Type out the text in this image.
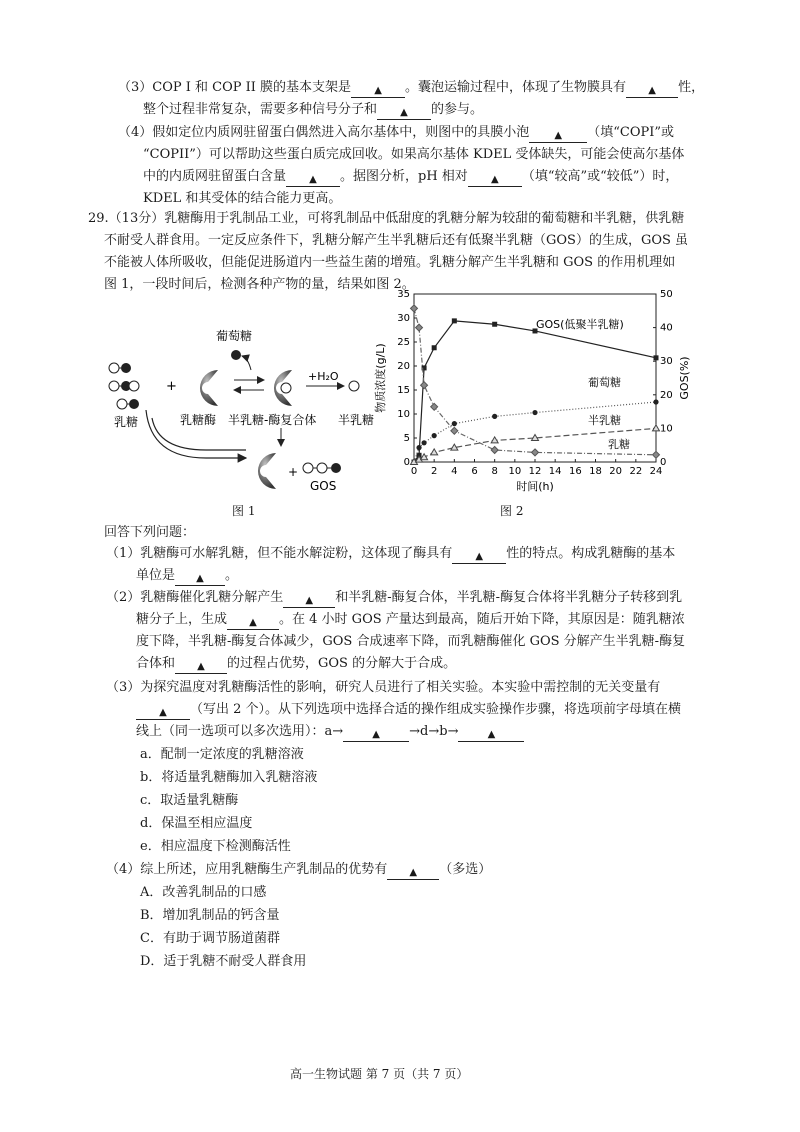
（3）COP I 和 COP II 膜的基本支架是 ▲ 。囊泡运输过程中，体现了生物膜具有 ▲ 性，
整个过程非常复杂，需要多种信号分子和 ▲ 的参与。
（4）假如定位内质网驻留蛋白偶然进入高尔基体中，则图中的具膜小泡	▲ （填“COPI”或
“COPII”）可以帮助这些蛋白质完成回收。如果高尔基体 KDEL 受体缺失，可能会使高尔基体
中的内质网驻留蛋白含量 ▲ 。据图分析，pH 相对 ▲ （填“较高”或“较低”）时，
KDEL 和其受体的结合能力更高。
29.（13分）乳糖酶用于乳制品工业，可将乳制品中低甜度的乳糖分解为较甜的葡萄糖和半乳糖，供乳糖
不耐受人群食用。一定反应条件下，乳糖分解产生半乳糖后还有低聚半乳糖（GOS）的生成，GOS 虽
不能被人体所吸收，但能促进肠道内一些益生菌的增殖。乳糖分解产生半乳糖和 GOS 的作用机理如
图 1，一段时间后，检测各种产物的量，结果如图 2。
乳糖
+
乳糖酶
葡萄糖
半乳糖-酶复合体
+H₂O
半乳糖
+
GOS
图 1
0 2 4 6 8 10 12 14 16 18 20 22 24
0
5
10
15
20
25
30
35
0
10
20
30
40
50
时间(h)
物质浓度(g/L)	GOS(%)
GOS(低聚半乳糖)
葡萄糖
半乳糖
乳糖
图 2
回答下列问题：
（1）乳糖酶可水解乳糖，但不能水解淀粉，这体现了酶具有 ▲ 性的特点。构成乳糖酶的基本
单位是 ▲ 。
（2）乳糖酶催化乳糖分解产生 ▲ 和半乳糖-酶复合体，半乳糖-酶复合体将半乳糖分子转移到乳
糖分子上，生成 ▲ 。在 4 小时 GOS 产量达到最高，随后开始下降，其原因是：随乳糖浓
度下降，半乳糖-酶复合体减少，GOS 合成速率下降，而乳糖酶催化 GOS 分解产生半乳糖-酶复
合体和 ▲ 的过程占优势，GOS 的分解大于合成。
（3）为探究温度对乳糖酶活性的影响，研究人员进行了相关实验。本实验中需控制的无关变量有
▲ （写出 2 个）。从下列选项中选择合适的操作组成实验操作步骤，将选项前字母填在横
线上（同一选项可以多次选用）：a→	▲ →d→b→	▲
a．配制一定浓度的乳糖溶液
b．将适量乳糖酶加入乳糖溶液
c．取适量乳糖酶
d．保温至相应温度
e．相应温度下检测酶活性
（4）综上所述，应用乳糖酶生产乳制品的优势有 ▲ （多选）
A．改善乳制品的口感
B．增加乳制品的钙含量
C．有助于调节肠道菌群
D．适于乳糖不耐受人群食用
高一生物试题 第 7 页（共 7 页）
